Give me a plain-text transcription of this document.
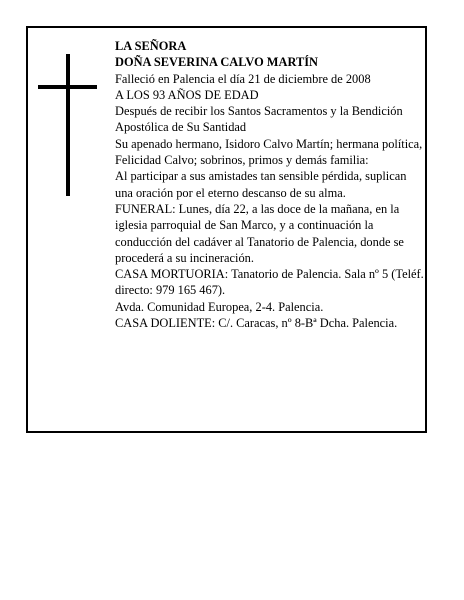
LA SEÑORA
DOÑA SEVERINA CALVO MARTÍN
Falleció en Palencia el día 21 de diciembre de 2008
A LOS 93 AÑOS DE EDAD
Después de recibir los Santos Sacramentos y la Bendición Apostólica de Su Santidad
Su apenado hermano, Isidoro Calvo Martín; hermana política, Felicidad Calvo; sobrinos, primos y demás familia:
Al participar a sus amistades tan sensible pérdida, suplican una oración por el eterno descanso de su alma.
FUNERAL: Lunes, día 22, a las doce de la mañana, en la iglesia parroquial de San Marco, y a continuación la conducción del cadáver al Tanatorio de Palencia, donde se procederá a su incineración.
CASA MORTUORIA: Tanatorio de Palencia. Sala nº 5 (Teléf. directo: 979 165 467).
Avda. Comunidad Europea, 2-4. Palencia.
CASA DOLIENTE: C/. Caracas, nº 8-Bª Dcha. Palencia.
